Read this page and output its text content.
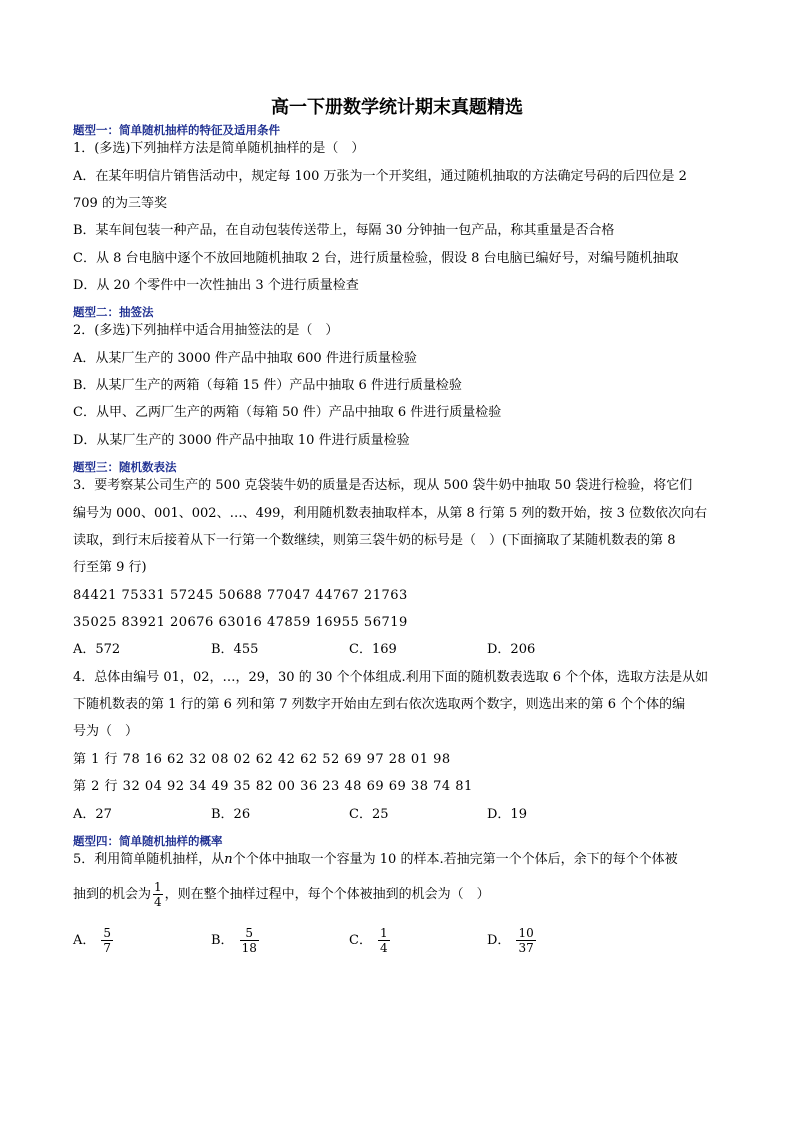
高一下册数学统计期末真题精选
题型一：简单随机抽样的特征及适用条件
1．(多选)下列抽样方法是简单随机抽样的是（　）
A．在某年明信片销售活动中，规定每 100 万张为一个开奖组，通过随机抽取的方法确定号码的后四位是 2
709 的为三等奖
B．某车间包装一种产品，在自动包装传送带上，每隔 30 分钟抽一包产品，称其重量是否合格
C．从 8 台电脑中逐个不放回地随机抽取 2 台，进行质量检验，假设 8 台电脑已编好号，对编号随机抽取
D．从 20 个零件中一次性抽出 3 个进行质量检查
题型二：抽签法
2．(多选)下列抽样中适合用抽签法的是（　）
A．从某厂生产的 3000 件产品中抽取 600 件进行质量检验
B．从某厂生产的两箱（每箱 15 件）产品中抽取 6 件进行质量检验
C．从甲、乙两厂生产的两箱（每箱 50 件）产品中抽取 6 件进行质量检验
D．从某厂生产的 3000 件产品中抽取 10 件进行质量检验
题型三：随机数表法
3．要考察某公司生产的 500 克袋装牛奶的质量是否达标，现从 500 袋牛奶中抽取 50 袋进行检验，将它们
编号为 000、001、002、…、499，利用随机数表抽取样本，从第 8 行第 5 列的数开始，按 3 位数依次向右
读取，到行末后接着从下一行第一个数继续，则第三袋牛奶的标号是（　）(下面摘取了某随机数表的第 8
行至第 9 行)
84421 75331 57245 50688 77047 44767 21763
35025 83921 20676 63016 47859 16955 56719
A．572	B．455	C．169	D．206
4．总体由编号 01，02，…，29，30 的 30 个个体组成.利用下面的随机数表选取 6 个个体，选取方法是从如
下随机数表的第 1 行的第 6 列和第 7 列数字开始由左到右依次选取两个数字，则选出来的第 6 个个体的编
号为（　）
第 1 行 78 16 62 32 08 02 62 42 62 52 69 97 28 01 98
第 2 行 32 04 92 34 49 35 82 00 36 23 48 69 69 38 74 81
A．27	B．26	C．25	D．19
题型四：简单随机抽样的概率
5．利用简单随机抽样，从n个个体中抽取一个容量为 10 的样本.若抽完第一个个体后，余下的每个个体被
抽到的机会为 $\frac{1}{4}$ ，则在整个抽样过程中，每个个体被抽到的机会为（　）
A． $\frac{5}{7}$	B． $\frac{5}{18}$	C． $\frac{1}{4}$	D． $\frac{10}{37}$
